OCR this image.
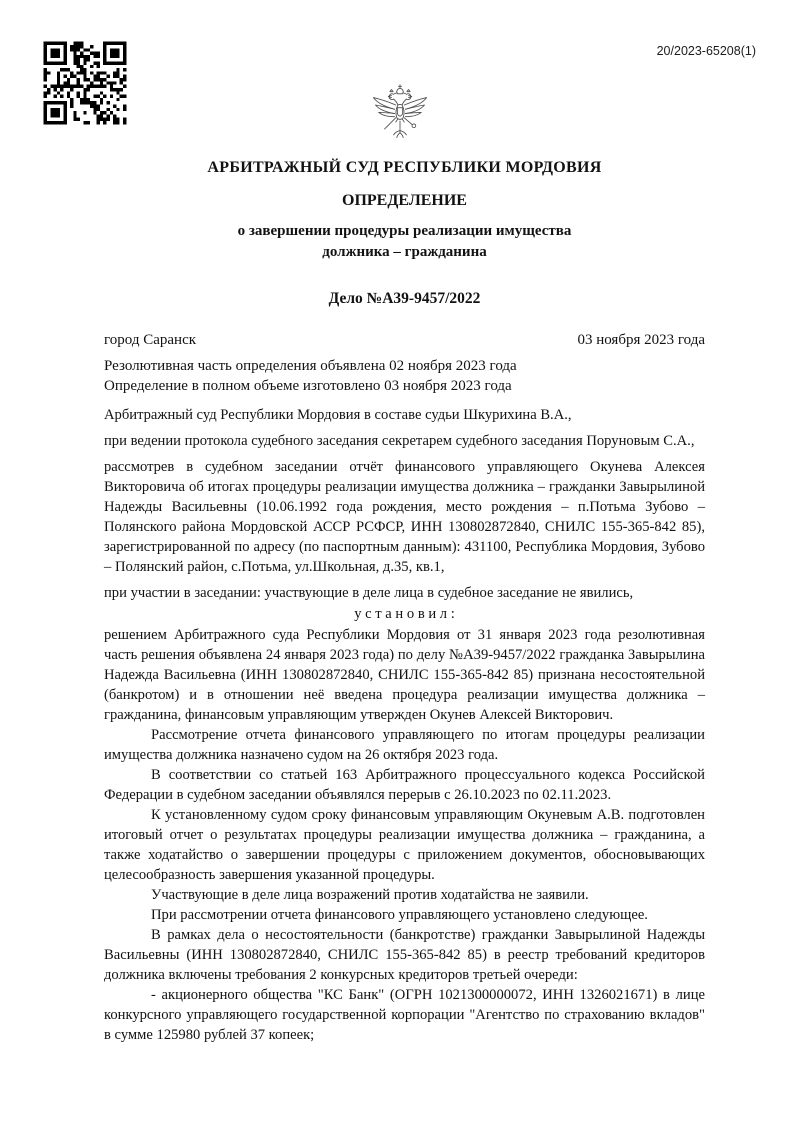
20/2023-65208(1)
АРБИТРАЖНЫЙ СУД РЕСПУБЛИКИ МОРДОВИЯ
ОПРЕДЕЛЕНИЕ
о завершении процедуры реализации имущества
должника – гражданина
Дело №А39-9457/2022
город Саранск	03 ноября 2023 года
Резолютивная часть определения объявлена 02 ноября 2023 года
Определение в полном объеме изготовлено 03 ноября 2023 года

Арбитражный суд Республики Мордовия в составе судьи Шкурихина В.А.,

при ведении протокола судебного заседания секретарем судебного заседания Поруновым С.А.,

рассмотрев в судебном заседании отчёт финансового управляющего Окунева Алексея Викторовича об итогах процедуры реализации имущества должника – гражданки Завырылиной Надежды Васильевны (10.06.1992 года рождения, место рождения – п.Потьма Зубово – Полянского района Мордовской АССР РСФСР, ИНН 130802872840, СНИЛС 155-365-842 85), зарегистрированной по адресу (по паспортным данным): 431100, Республика Мордовия, Зубово – Полянский район, с.Потьма, ул.Школьная, д.35, кв.1,

при участии в заседании: участвующие в деле лица в судебное заседание не явились,

у с т а н о в и л :

решением Арбитражного суда Республики Мордовия от 31 января 2023 года резолютивная часть решения объявлена 24 января 2023 года) по делу №А39-9457/2022 гражданка Завырылина Надежда Васильевна (ИНН 130802872840, СНИЛС 155-365-842 85) признана несостоятельной (банкротом) и в отношении неё введена процедура реализации имущества должника – гражданина, финансовым управляющим утвержден Окунев Алексей Викторович.

Рассмотрение отчета финансового управляющего по итогам процедуры реализации имущества должника назначено судом на 26 октября 2023 года.

В соответствии со статьей 163 Арбитражного процессуального кодекса Российской Федерации в судебном заседании объявлялся перерыв с 26.10.2023 по 02.11.2023.

К установленному судом сроку финансовым управляющим Окуневым А.В. подготовлен итоговый отчет о результатах процедуры реализации имущества должника – гражданина, а также ходатайство о завершении процедуры с приложением документов, обосновывающих целесообразность завершения указанной процедуры.

Участвующие в деле лица возражений против ходатайства не заявили.

При рассмотрении отчета финансового управляющего установлено следующее.

В рамках дела о несостоятельности (банкротстве) гражданки Завырылиной Надежды Васильевны (ИНН 130802872840, СНИЛС 155-365-842 85) в реестр требований кредиторов должника включены требования 2 конкурсных кредиторов третьей очереди:

- акционерного общества "КС Банк" (ОГРН 1021300000072, ИНН 1326021671) в лице конкурсного управляющего государственной корпорации "Агентство по страхованию вкладов" в сумме 125980 рублей 37 копеек;
